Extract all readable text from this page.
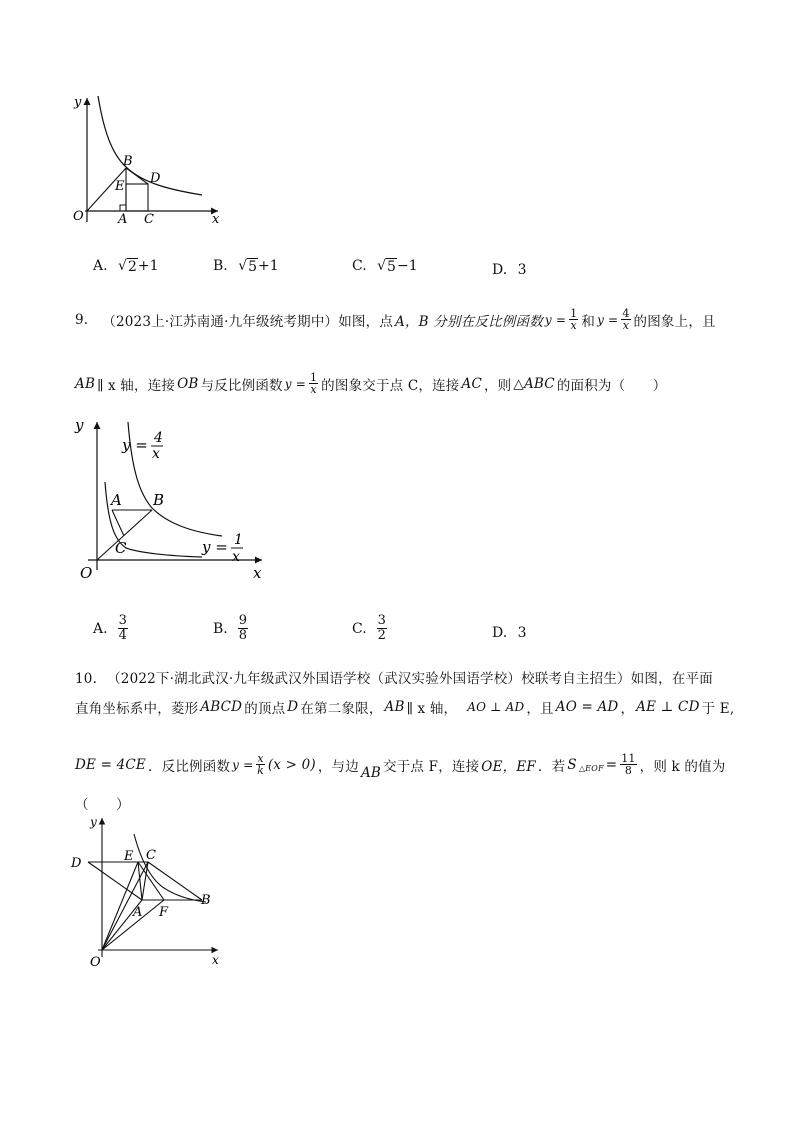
y
x
O
B
D
E
A C
A. √ 2 +1	B. √ 5 +1	C. √ 5 −1	D. 3
9. （2023上·江苏南通·九年级统考期中）如图，点 A，B 分别在反比例函数 $y = \frac{1}{x}$ 和 $y = \frac{4}{x}$ 的图象上，且
AB ∥ x 轴，连接 OB 与反比例函数 $y = \frac{1}{x}$ 的图象交于点 C，连接 AC ，则 △ABC 的面积为（　　）
y
x
O
A B
C
y = 4
x
y = 1
x
A. $\frac{3}{4}$	B. $\frac{9}{8}$	C. $\frac{3}{2}$	D. 3
10. （2022下·湖北武汉·九年级武汉外国语学校（武汉实验外国语学校）校联考自主招生）如图，在平面
直角坐标系中，菱形 ABCD 的顶点 D 在第二象限， AB ∥ x 轴， AO ⊥ AD ，且 AO = AD ， AE ⊥ CD 于 E,
DE = 4CE ．反比例函数 $y = \frac{x}{k} (x > 0)$ ，与边 AB 交于点 F，连接 OE，EF ．若 S △EOF = $\frac{11}{8}$ ，则 k 的值为
（　　）
y
x
O
D	E C
A F
B
